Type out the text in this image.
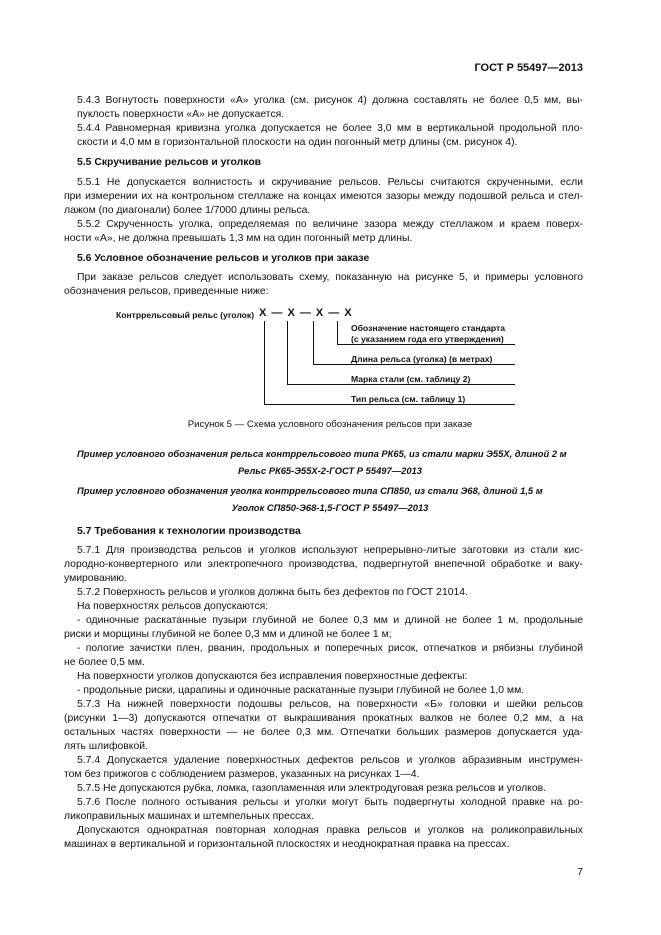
ГОСТ Р 55497—2013
5.4.3 Вогнутость поверхности «А» уголка (см. рисунок 4) должна составлять не более 0,5 мм, вы-
пуклость поверхности «А» не допускается.
5.4.4 Равномерная кривизна уголка допускается не более 3,0 мм в вертикальной продольной пло-
скости и 4,0 мм в горизонтальной плоскости на один погонный метр длины (см. рисунок 4).
5.5 Скручивание рельсов и уголков
5.5.1 Не допускается волнистость и скручивание рельсов. Рельсы считаются скрученными, если
при измерении их на контрольном стеллаже на концах имеются зазоры между подошвой рельса и стел-
лажом (по диагонали) более 1/7000 длины рельса.
5.5.2 Скрученность уголка, определяемая по величине зазора между стеллажом и краем поверх-
ности «А», не должна превышать 1,3 мм на один погонный метр длины.
5.6 Условное обозначение рельсов и уголков при заказе
При заказе рельсов следует использовать схему, показанную на рисунке 5, и примеры условного
обозначения рельсов, приведенные ниже:
Контррельсовый рельс (уголок) X — X — X — X
Обозначение настоящего стандарта
(с указанием года его утверждения)
Длина рельса (уголка) (в метрах)
Марка стали (см. таблицу 2)
Тип рельса (см. таблицу 1)
Рисунок 5 — Схема условного обозначения рельсов при заказе
Пример условного обозначения рельса контррельсового типа РК65, из стали марки Э55Х, длиной 2 м
Рельс РК65-Э55Х-2-ГОСТ Р 55497—2013
Пример условного обозначения уголка контррельсового типа СП850, из стали Э68, длиной 1,5 м
Уголок СП850-Э68-1,5-ГОСТ Р 55497—2013
5.7 Требования к технологии производства
5.7.1 Для производства рельсов и уголков используют непрерывно-литые заготовки из стали кис-
лородно-конвертерного или электропечного производства, подвергнутой внепечной обработке и ваку-
умированию.
5.7.2 Поверхность рельсов и уголков должна быть без дефектов по ГОСТ 21014.
На поверхностях рельсов допускаются:
- одиночные раскатанные пузыри глубиной не более 0,3 мм и длиной не более 1 м, продольные
риски и морщины глубиной не более 0,3 мм и длиной не более 1 м;
- пологие зачистки плен, рванин, продольных и поперечных рисок, отпечатков и рябизны глубиной
не более 0,5 мм.
На поверхности уголков допускаются без исправления поверхностные дефекты:
- продольные риски, царапины и одиночные раскатанные пузыри глубиной не более 1,0 мм.
5.7.3 На нижней поверхности подошвы рельсов, на поверхности «Б» головки и шейки рельсов
(рисунки 1—3) допускаются отпечатки от выкрашивания прокатных валков не более 0,2 мм, а на
остальных частях поверхности — не более 0,3 мм. Отпечатки больших размеров допускается уда-
лять шлифовкой.
5.7.4 Допускается удаление поверхностных дефектов рельсов и уголков абразивным инструмен-
том без прижогов с соблюдением размеров, указанных на рисунках 1—4.
5.7.5 Не допускаются рубка, ломка, газопламенная или электродуговая резка рельсов и уголков.
5.7.6 После полного остывания рельсы и уголки могут быть подвергнуты холодной правке на ро-
ликоправильных машинах и штемпельных прессах.
Допускаются однократная повторная холодная правка рельсов и уголков на роликоправильных
машинах в вертикальной и горизонтальной плоскостях и неоднократная правка на прессах.
7
